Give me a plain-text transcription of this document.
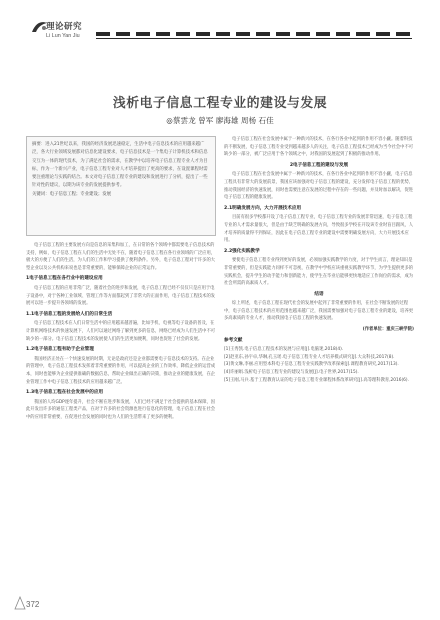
理论研究
Li Lun Yan Jiu
浅析电子信息工程专业的建设与发展
◎蔡雲龙 曾军 廖海雄 周杨 石佳
摘要：进入21世纪以来，我国的经济发展迅速稳定，生活中电子信息技术的应用越来越广泛，各大行业领域发展都对信息化建设要求，电子信息技术是一个集电子计算机技术和信息交互为一体的现代技术，为了满足社会的需求，在教学中以培养电子信息工程专业人才为目标，作为一个新兴产业，电子信息工程专业对人才培养提出了更高的要求，在设置课程时需要注重理论与实践的结合。本文对电子信息工程专业的建设和发展进行了分析，提出了一些针对性的建议，以期为该专业的发展提供参考。
关键词：电子信息工程；专业建设；发展

电子信息工程的主要发展方向是信息的采集和加工，在日常的各个领域中都需要电子信息技术的支持，例如，电子信息工程在人们的生活中无处不在，随着电子信息工程在各行业领域的广泛应用，极大的方便了人们的生活，为人们的工作和学习提供了便利条件。另外，电子信息工程对于许多的大型企业以及公共机构来说也是非常重要的，能够保障企业的正常运作。

1电子信息工程在各行业中的建设应用

电子信息工程的应用非常广泛，随着社会的进步和发展，电子信息工程已经不仅仅只是应用于电子设备中，对于各种工业领域、管理工作等方面都起到了非常大的正面作用，电子信息工程技术的发展可以进一步提升各领域的发展。

1.1电子信息工程的发展给人们的日常生活

电子信息工程技术在人们日常生活中的应用越来越普遍，比如手机、电视等电子设备的普及，在计算机网络技术的快速发展下，人们可以通过网络了解到更多的信息，网络已经成为人们生活中不可缺少的一部分。电子信息工程技术的发展使人们的生活更加便利，同时也促进了社会的发展。

1.2电子信息工程有助于企业管理

我国经济正处在一个快速发展的时期，无论是政府还是企业都需要电子信息技术的支持。在企业的管理中，电子信息工程技术发挥着非常重要的作用，可以提高企业的工作效率，降低企业的运营成本，同时也能够为企业提供准确的数据信息，帮助企业做出正确的决策，推动企业的健康发展，在企业管理工作中电子信息工程技术的应用越来越广泛。

1.3电子信息工程在社会发展中的应用

我国的人均GDP逐年提升，社会不断在进步和发展，人们已经不满足于社会提供的基本保障，因此开发出许多的通信工程类产品，在对于许多的社会资源也进行信息化的管理，电子信息工程在社会中的应用非常重要，在促进社会发展的同时也为人们的生活带来了更多的便利。

电子信息工程在社会发展中属于一种新兴的技术，在各行各业中起到的作用不容小觑。随着科技的不断发展，电子信息工程专业受到越来越多人的关注，电子信息工程技术已经成为当今社会中不可缺少的一部分，被广泛应用于各个领域之中，对我国的发展起到了积极的推动作用。

2电子信息工程的建设与发展

电子信息工程在社会发展中属于一种新兴的技术，在各行各业中起到的作用不容小觑，电子信息工程具有非常大的发展前景，我国应该加强对电子信息工程的建设，充分发挥电子信息工程的优势，推动我国经济的快速发展，同时也需要注意在发展的过程中存在的一些问题，并及时加以解决，促进电子信息工程的健康发展。

2.1明确发展方向，大力开展技术应用

目前有很多学校都开设了电子信息工程专业，电子信息工程专业的发展非常迅速，电子信息工程专业的人才需求量很大，但是由于缺乏明确的发展方向，导致很多学校在开设该专业时盲目跟风，人才培养的质量得不到保证，因此在电子信息工程专业的建设中需要明确发展方向，大力开展技术应用。

2.2强化实践教学

要使电子信息工程专业得到更好的发展，必须加强实践教学的力度，对于学生而言，理论知识是非常重要的，但是实践能力同样不可忽视，在教学中学校应该重视实践教学环节，为学生提供更多的实践机会，提升学生的动手能力和创新能力，使学生在毕业后能够更快地适应工作岗位的需求，成为社会所需的高素质人才。

结语

综上所述，电子信息工程在现代社会的发展中起到了非常重要的作用，在社会不断发展的过程中，电子信息工程技术的应用范围也越来越广泛，我国需要加强对电子信息工程专业的建设，培养更多高素质的专业人才，推动我国电子信息工程的快速发展。

(作者单位：重庆三峡学院)

参考文献

[1]王秀凯.电子信息工程技术的发展与应用[J].电脑迷,2018(4).

[2]赵亚东,孙宇卓,华琳,孔玉瑶.电子信息工程专业人才培养模式研究[J].大众科技,2017(8).

[3]黄文琳,李丽.应用型本科电子信息工程专业实践教学改革探索[J].课程教育研究,2017(13).

[4]许丽娟.浅析电子信息工程专业的建设与发展[J].电子世界,2017(15).

[5]王刚,马兵.基于工程教育认证的电子信息工程专业课程体系改革研究[J].高等理科教育,2016(6).

372
